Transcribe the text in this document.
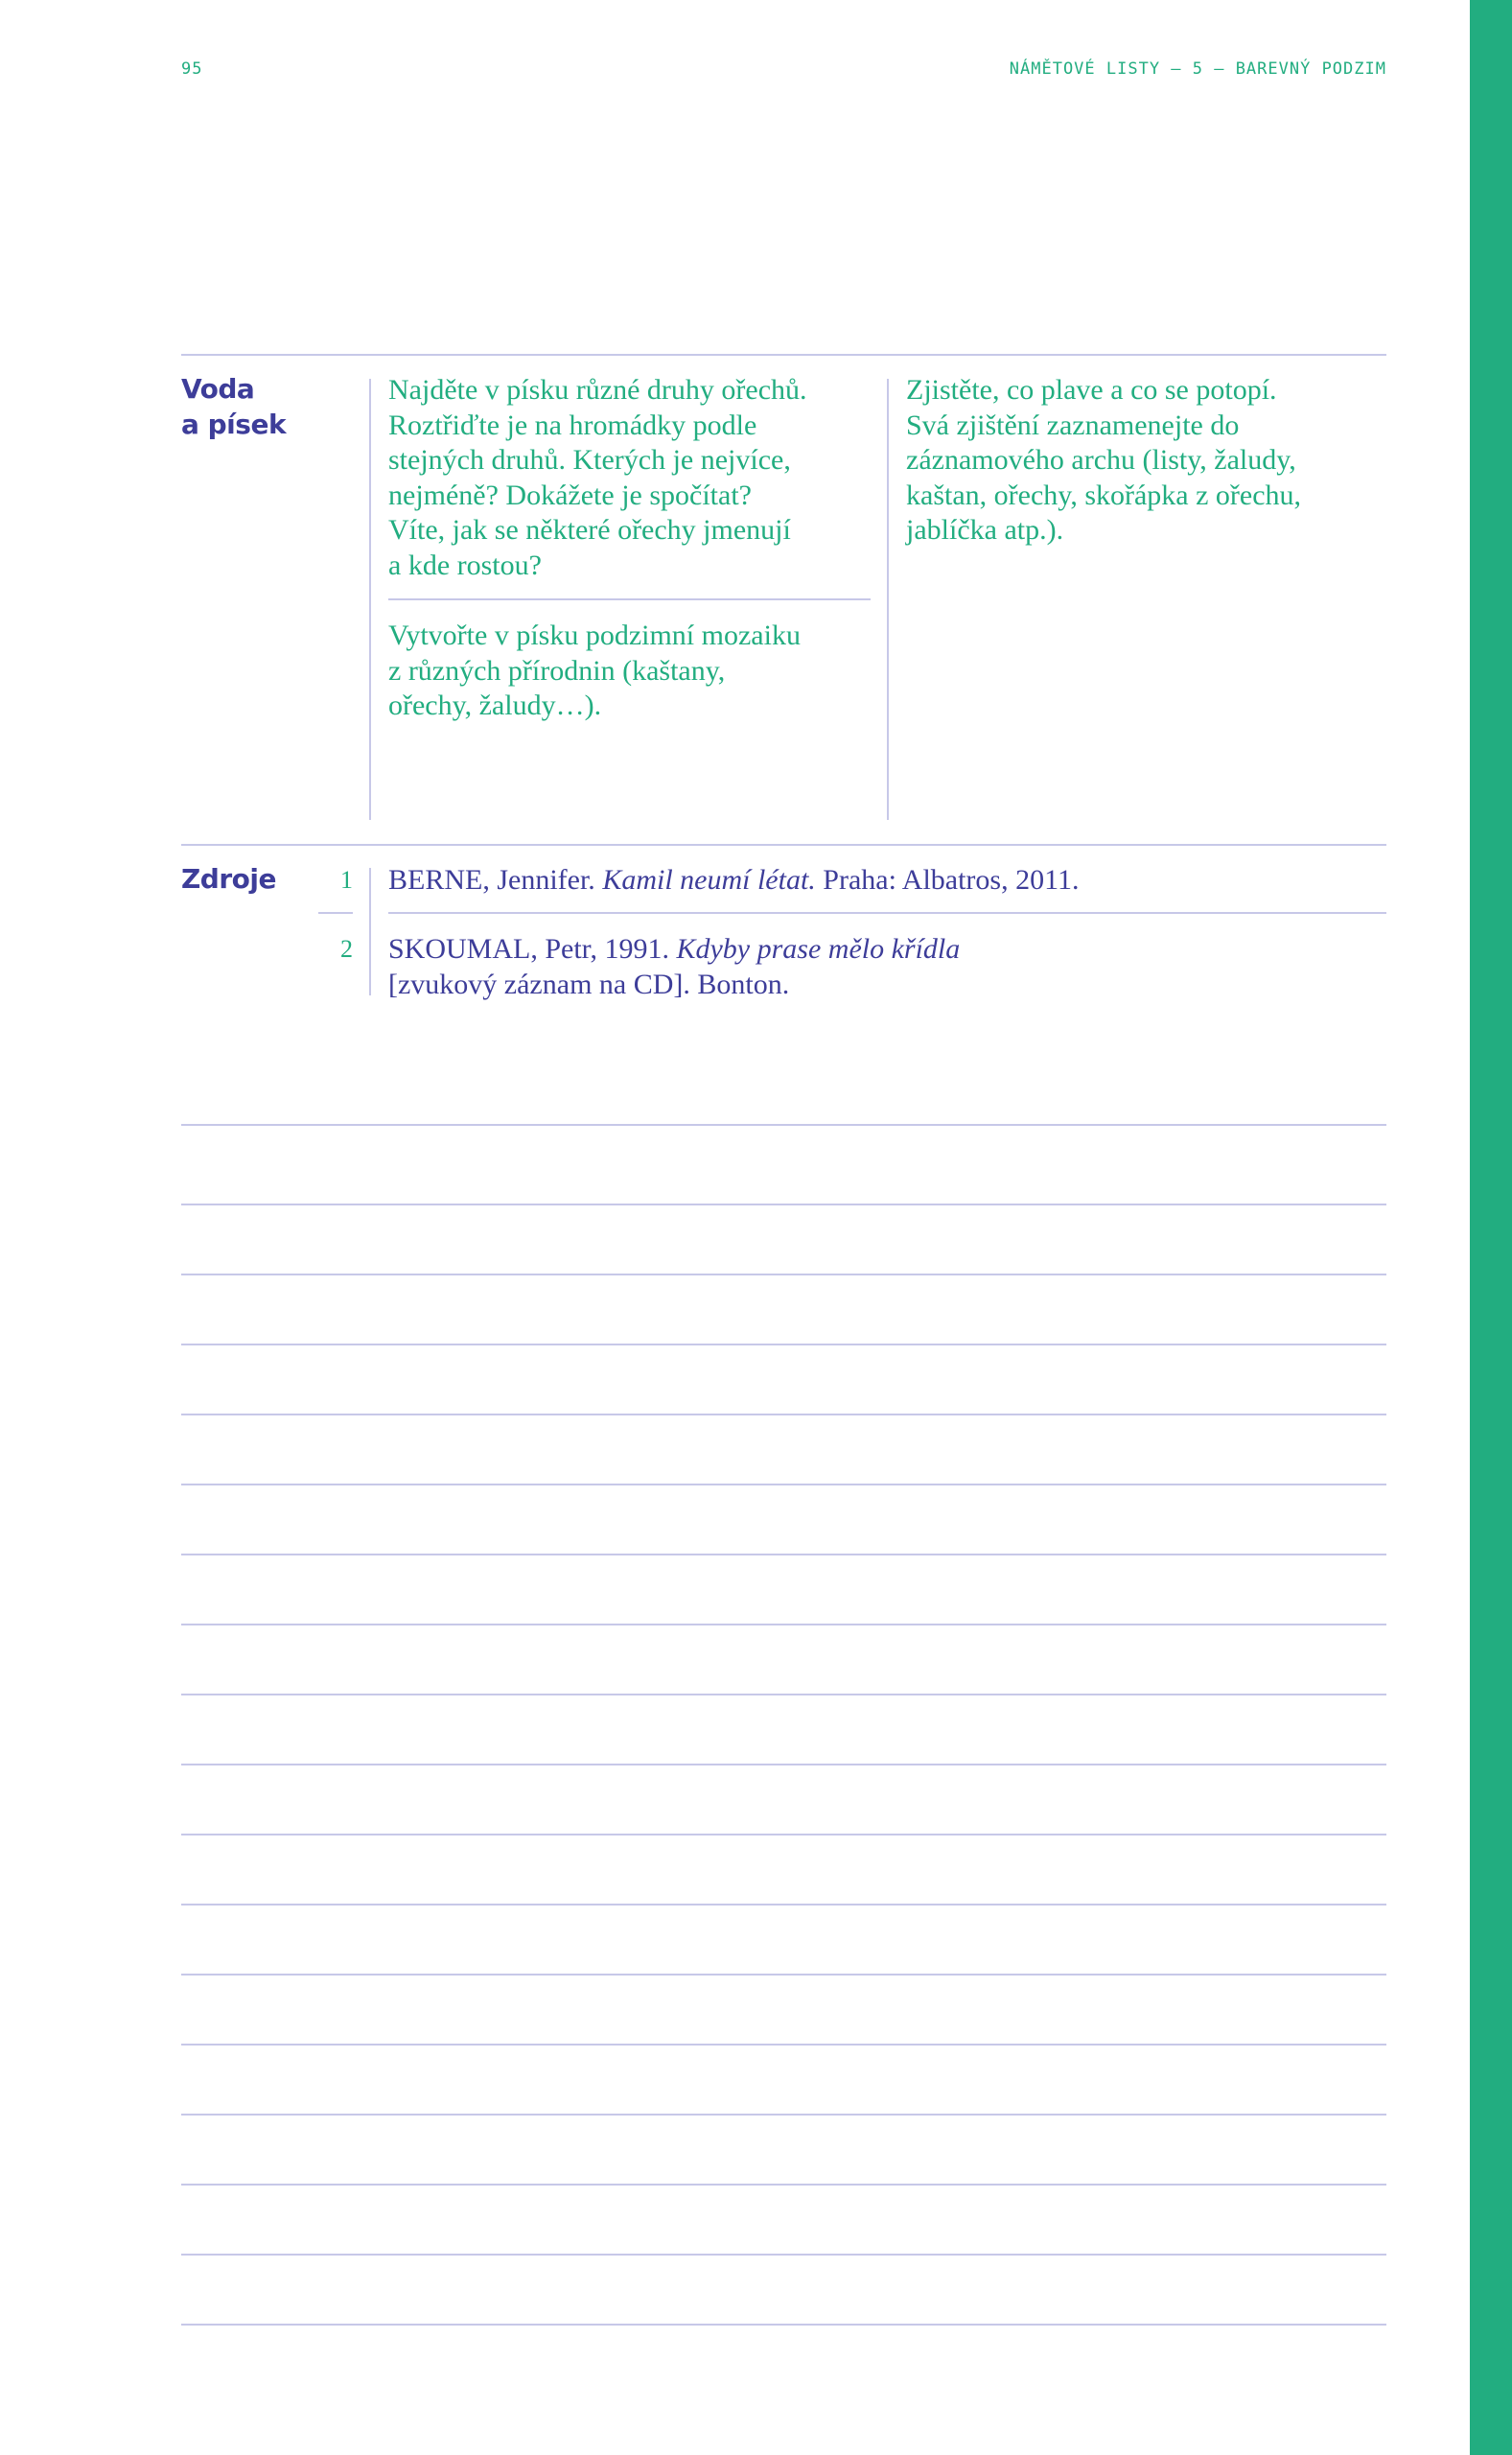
95	NÁMĚTOVÉ LISTY – 5 – BAREVNÝ PODZIM
Voda
a písek
Najděte v písku různé druhy ořechů.
Roztřiďte je na hromádky podle
stejných druhů. Kterých je nejvíce,
nejméně? Dokážete je spočítat?
Víte, jak se některé ořechy jmenují
a kde rostou?
Vytvořte v písku podzimní mozaiku
z různých přírodnin (kaštany,
ořechy, žaludy…).
Zjistěte, co plave a co se potopí.
Svá zjištění zaznamenejte do
záznamového archu (listy, žaludy,
kaštan, ořechy, skořápka z ořechu,
jablíčka atp.).
Zdroje	1
2
BERNE, Jennifer. Kamil neumí létat. Praha: Albatros, 2011.
SKOUMAL, Petr, 1991. Kdyby prase mělo křídla
[zvukový záznam na CD]. Bonton.
